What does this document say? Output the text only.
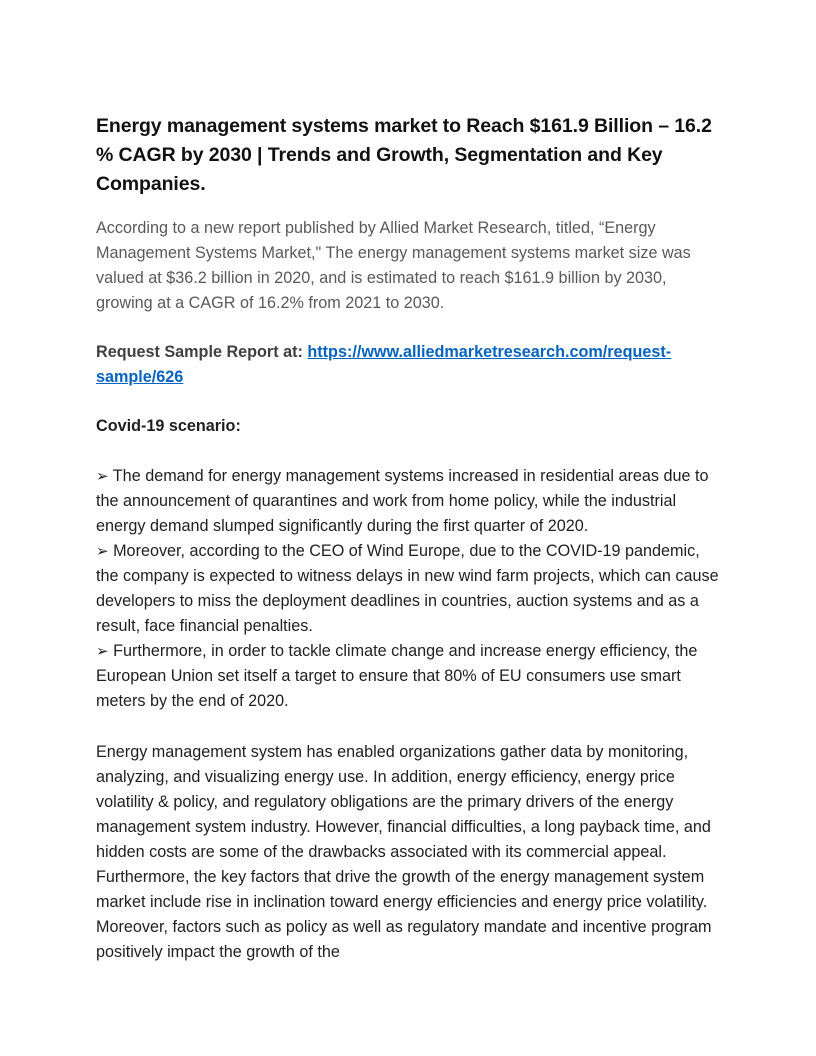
Energy management systems market to Reach $161.9 Billion – 16.2 % CAGR by 2030 | Trends and Growth, Segmentation and Key Companies.

According to a new report published by Allied Market Research, titled, “Energy Management Systems Market," The energy management systems market size was valued at $36.2 billion in 2020, and is estimated to reach $161.9 billion by 2030, growing at a CAGR of 16.2% from 2021 to 2030.

Request Sample Report at: https://www.alliedmarketresearch.com/request-sample/626

Covid-19 scenario:

➢ The demand for energy management systems increased in residential areas due to the announcement of quarantines and work from home policy, while the industrial energy demand slumped significantly during the first quarter of 2020.
➢ Moreover, according to the CEO of Wind Europe, due to the COVID-19 pandemic, the company is expected to witness delays in new wind farm projects, which can cause developers to miss the deployment deadlines in countries, auction systems and as a result, face financial penalties.
➢ Furthermore, in order to tackle climate change and increase energy efficiency, the European Union set itself a target to ensure that 80% of EU consumers use smart meters by the end of 2020.

Energy management system has enabled organizations gather data by monitoring, analyzing, and visualizing energy use. In addition, energy efficiency, energy price volatility & policy, and regulatory obligations are the primary drivers of the energy management system industry. However, financial difficulties, a long payback time, and hidden costs are some of the drawbacks associated with its commercial appeal. Furthermore, the key factors that drive the growth of the energy management system market include rise in inclination toward energy efficiencies and energy price volatility. Moreover, factors such as policy as well as regulatory mandate and incentive program positively impact the growth of the
